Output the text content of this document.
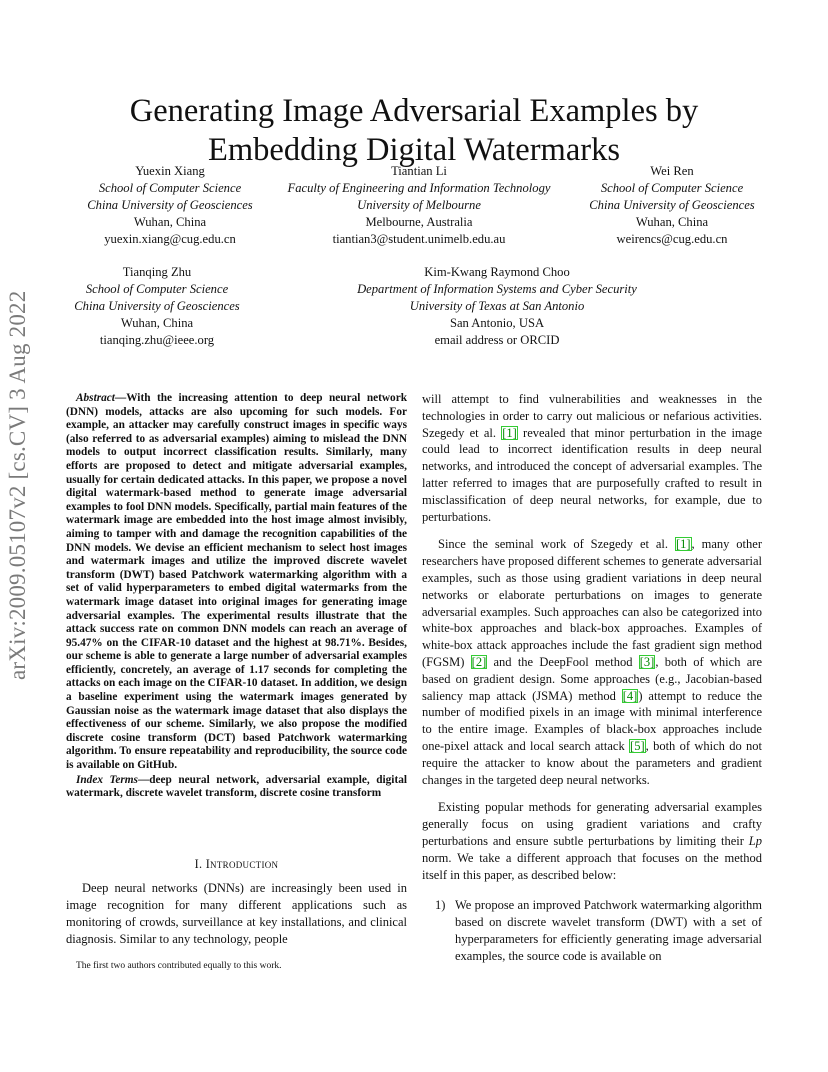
Generating Image Adversarial Examples by Embedding Digital Watermarks
Yuexin Xiang
School of Computer Science
China University of Geosciences
Wuhan, China
yuexin.xiang@cug.edu.cn
Tiantian Li
Faculty of Engineering and Information Technology
University of Melbourne
Melbourne, Australia
tiantian3@student.unimelb.edu.au
Wei Ren
School of Computer Science
China University of Geosciences
Wuhan, China
weirencs@cug.edu.cn
Tianqing Zhu
School of Computer Science
China University of Geosciences
Wuhan, China
tianqing.zhu@ieee.org
Kim-Kwang Raymond Choo
Department of Information Systems and Cyber Security
University of Texas at San Antonio
San Antonio, USA
email address or ORCID
arXiv:2009.05107v2 [cs.CV] 3 Aug 2022	Abstract—With the increasing attention to deep neural network (DNN) models, attacks are also upcoming for such models. For example, an attacker may carefully construct images in specific ways (also referred to as adversarial examples) aiming to mislead the DNN models to output incorrect classification results. Similarly, many efforts are proposed to detect and mitigate adversarial examples, usually for certain dedicated attacks. In this paper, we propose a novel digital watermark-based method to generate image adversarial examples to fool DNN models. Specifically, partial main features of the watermark image are embedded into the host image almost invisibly, aiming to tamper with and damage the recognition capabilities of the DNN models. We devise an efficient mechanism to select host images and watermark images and utilize the improved discrete wavelet transform (DWT) based Patchwork watermarking algorithm with a set of valid hyperparameters to embed digital watermarks from the watermark image dataset into original images for generating image adversarial examples. The experimental results illustrate that the attack success rate on common DNN models can reach an average of 95.47% on the CIFAR-10 dataset and the highest at 98.71%. Besides, our scheme is able to generate a large number of adversarial examples efficiently, concretely, an average of 1.17 seconds for completing the attacks on each image on the CIFAR-10 dataset. In addition, we design a baseline experiment using the watermark images generated by Gaussian noise as the watermark image dataset that also displays the effectiveness of our scheme. Similarly, we also propose the modified discrete cosine transform (DCT) based Patchwork watermarking algorithm. To ensure repeatability and reproducibility, the source code is available on GitHub.

Index Terms—deep neural network, adversarial example, digital watermark, discrete wavelet transform, discrete cosine transform

I. Introduction

Deep neural networks (DNNs) are increasingly been used in image recognition for many different applications such as monitoring of crowds, surveillance at key installations, and clinical diagnosis. Similar to any technology, people

The first two authors contributed equally to this work.

will attempt to find vulnerabilities and weaknesses in the technologies in order to carry out malicious or nefarious activities. Szegedy et al. [1] revealed that minor perturbation in the image could lead to incorrect identification results in deep neural networks, and introduced the concept of adversarial examples. The latter referred to images that are purposefully crafted to result in misclassification of deep neural networks, for example, due to perturbations.

Since the seminal work of Szegedy et al. [1], many other researchers have proposed different schemes to generate adversarial examples, such as those using gradient variations in deep neural networks or elaborate perturbations on images to generate adversarial examples. Such approaches can also be categorized into white-box approaches and black-box approaches. Examples of white-box attack approaches include the fast gradient sign method (FGSM) [2] and the DeepFool method [3], both of which are based on gradient design. Some approaches (e.g., Jacobian-based saliency map attack (JSMA) method [4]) attempt to reduce the number of modified pixels in an image with minimal interference to the entire image. Examples of black-box approaches include one-pixel attack and local search attack [5], both of which do not require the attacker to know about the parameters and gradient changes in the targeted deep neural networks.

Existing popular methods for generating adversarial examples generally focus on using gradient variations and crafty perturbations and ensure subtle perturbations by limiting their Lp norm. We take a different approach that focuses on the method itself in this paper, as described below:

1) We propose an improved Patchwork watermarking algorithm based on discrete wavelet transform (DWT) with a set of hyperparameters for efficiently generating image adversarial examples, the source code is available on
